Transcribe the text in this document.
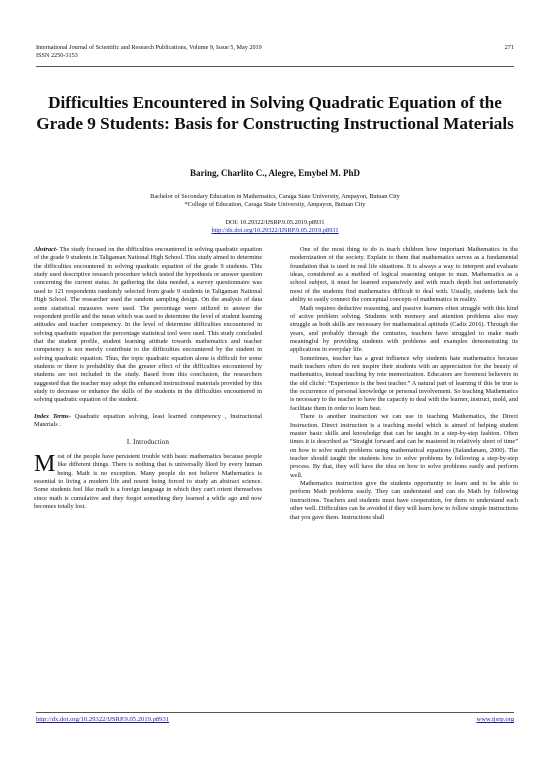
International Journal of Scientific and Research Publications, Volume 9, Issue 5, May 2019
ISSN 2250-3153
271
Difficulties Encountered in Solving Quadratic Equation of the Grade 9 Students: Basis for Constructing Instructional Materials
Baring, Charlito C., Alegre, Emybel M. PhD
Bachelor of Secondary Education in Mathematics, Caraga State University, Ampayon, Butuan City
*College of Education, Caraga State University, Ampayon, Butuan City
DOI: 10.29322/IJSRP.9.05.2019.p8931
http://dx.doi.org/10.29322/IJSRP.9.05.2019.p8931

Abstract- The study focused on the difficulties encountered in solving quadratic equation of the grade 9 students in Taligaman National High School. This study aimed to determine the difficulties encountered in solving quadratic equation of the grade 9 students. This study used descriptive research procedure which tested the hypothesis or answer question concerning the current status. In gathering the data needed, a survey questionnaire was used to 121 respondents randomly selected from grade 9 students in Taligaman National High School. The researcher used the random sampling design. On the analysis of data some statistical measures were used. The percentage were utilized to answer the respondent profile and the mean which was used to determine the level of student learning attitudes and teacher competency. In the level of determine difficulties encountered in solving quadratic equation the percentage statistical tool were used. This study concluded that the student profile, student learning attitude towards mathematics and teacher competency is not merely contribute to the difficulties encountered by the student in solving quadratic equation. Thus, the topic quadratic equation alone is difficult for some students or there is probability that the greater effect of the difficulties encountered by students are not included in the study. Based from this conclusion, the researchers suggested that the teacher may adopt the enhanced instructional materials provided by this study to decrease or enhance the skills of the students in the difficulties encountered in solving quadratic equation of the student.

Index Terms- Quadratic equation solving, least learned competency , Instructional Materials .

I. Introduction

Most of the people have persistent trouble with basic mathematics because people like different things. There is nothing that is universally liked by every human being. Math is no exception. Many people do not believe Mathematics is essential to living a modern life and resent being forced to study an abstract science. Some students feel like math is a foreign language in which they can't orient themselves since math is cumulative and they forgot something they learned a while ago and now becomes totally lost.

One of the most thing to do is teach children how important Mathematics in the modernization of the society. Explain to them that mathematics serves as a fundamental foundation that is used in real life situations. It is always a way to interpret and evaluate ideas, considered as a method of logical reasoning unique to man. Mathematics as a school subject, it must be learned expansively and with much depth but unfortunately most of the students find mathematics difficult to deal with. Usually, students lack the ability to easily connect the conceptual concepts of mathematics in reality.

Math requires deductive reasoning, and passive learners often struggle with this kind of active problem solving. Students with memory and attention problems also may struggle as both skills are necessary for mathematical aptitude (Cadiz 2016). Through the years, and probably through the centuries, teachers have struggled to make math meaningful by providing students with problems and examples demonstrating its applications in everyday life.

Sometimes, teacher has a great influence why students hate mathematics because math teachers often do not inspire their students with an appreciation for the beauty of mathematics, instead teaching by rote memorization. Educators are foremost believers in the old cliché: “Experience is the best teacher.” A natural part of learning if this be true is the occurrence of personal knowledge or personal involvement. So teaching Mathematics is necessary to the teacher to have the capacity to deal with the learner, instruct, mold, and facilitate them in order to learn best.

There is another instruction we can use in teaching Mathematics, the Direct Instruction. Direct instruction is a teaching model which is aimed of helping student master basic skills and knowledge that can be taught in a step-by-step fashion. Often times it is described as “Straight forward and can be mastered in relatively short of time” on how to solve math problems using mathematical equations (Salandanam, 2000). The teacher should taught the students how to solve problems by following a step-by-step process. By that, they will have the idea on how to solve problems easily and perform well.

Mathematics instruction give the students opportunity to learn and to be able to perform Math problems easily. They can understand and can do Math by following instructions. Teachers and students must have cooperation, for them to understand each other well. Difficulties can be avoided if they will learn how to follow simple instructions that you gave them. Instructions shall

http://dx.doi.org/10.29322/IJSRP.9.05.2019.p8931	www.ijsrp.org
